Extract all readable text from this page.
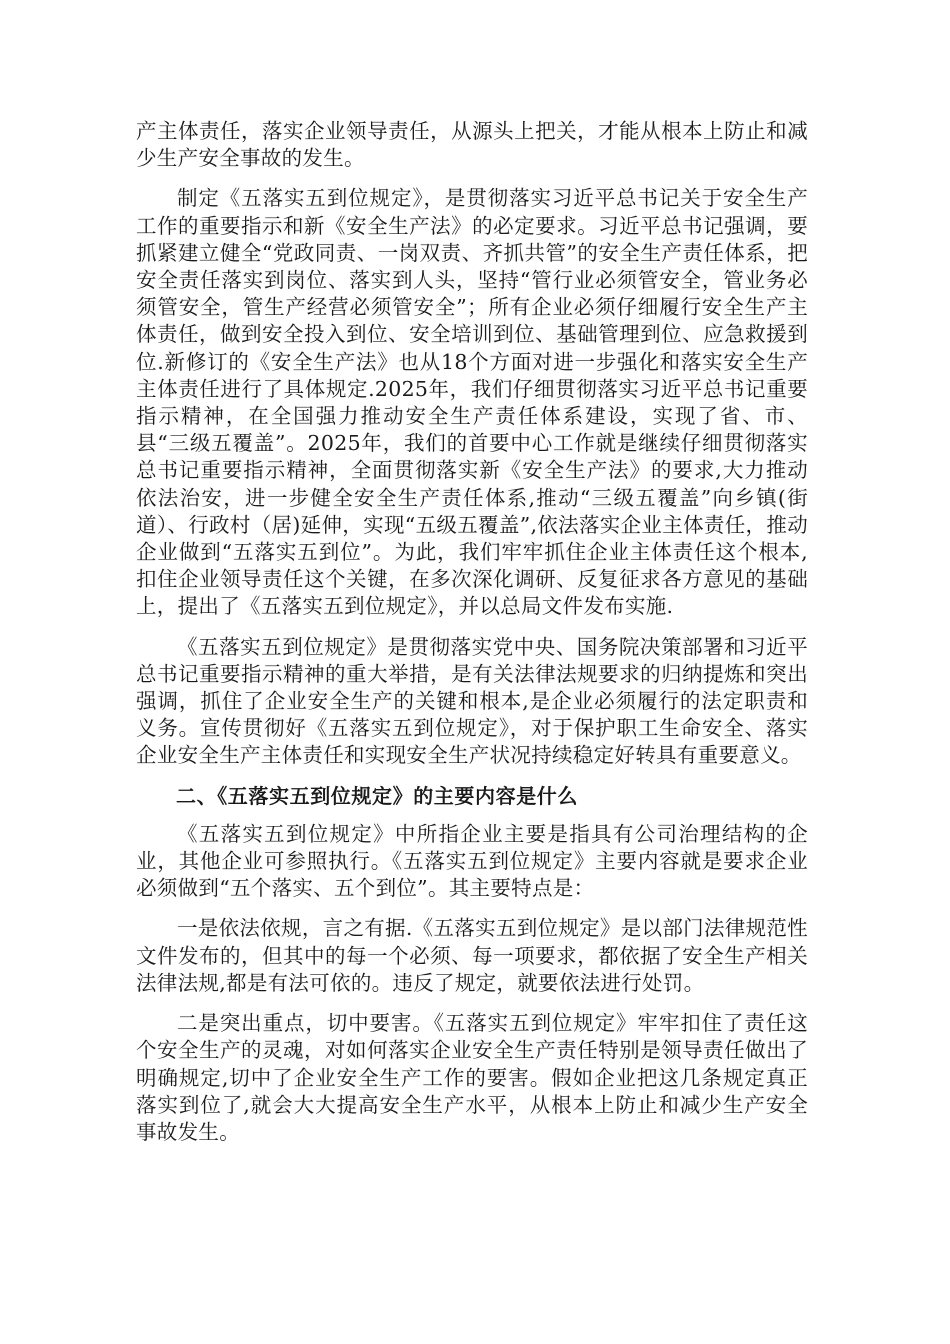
产主体责任，落实企业领导责任，从源头上把关，才能从根本上防止和减少生产安全事故的发生。

制定《五落实五到位规定》，是贯彻落实习近平总书记关于安全生产工作的重要指示和新《安全生产法》的必定要求。习近平总书记强调，要抓紧建立健全“党政同责、一岗双责、齐抓共管”的安全生产责任体系，把安全责任落实到岗位、落实到人头，坚持“管行业必须管安全，管业务必须管安全，管生产经营必须管安全”；所有企业必须仔细履行安全生产主体责任，做到安全投入到位、安全培训到位、基础管理到位、应急救援到位.新修订的《安全生产法》也从18个方面对进一步强化和落实安全生产主体责任进行了具体规定.2025年，我们仔细贯彻落实习近平总书记重要指示精神，在全国强力推动安全生产责任体系建设，实现了省、市、县“三级五覆盖”。2025年，我们的首要中心工作就是继续仔细贯彻落实总书记重要指示精神，全面贯彻落实新《安全生产法》的要求,大力推动依法治安，进一步健全安全生产责任体系,推动“三级五覆盖”向乡镇(街道）、行政村（居)延伸，实现“五级五覆盖”,依法落实企业主体责任，推动企业做到“五落实五到位”。为此，我们牢牢抓住企业主体责任这个根本,扣住企业领导责任这个关键，在多次深化调研、反复征求各方意见的基础上，提出了《五落实五到位规定》，并以总局文件发布实施.

《五落实五到位规定》是贯彻落实党中央、国务院决策部署和习近平总书记重要指示精神的重大举措，是有关法律法规要求的归纳提炼和突出强调，抓住了企业安全生产的关键和根本,是企业必须履行的法定职责和义务。宣传贯彻好《五落实五到位规定》，对于保护职工生命安全、落实企业安全生产主体责任和实现安全生产状况持续稳定好转具有重要意义。

二、《五落实五到位规定》的主要内容是什么

《五落实五到位规定》中所指企业主要是指具有公司治理结构的企业，其他企业可参照执行。《五落实五到位规定》主要内容就是要求企业必须做到“五个落实、五个到位”。其主要特点是：

一是依法依规，言之有据.《五落实五到位规定》是以部门法律规范性文件发布的，但其中的每一个必须、每一项要求，都依据了安全生产相关法律法规,都是有法可依的。违反了规定，就要依法进行处罚。

二是突出重点，切中要害。《五落实五到位规定》牢牢扣住了责任这个安全生产的灵魂，对如何落实企业安全生产责任特别是领导责任做出了明确规定,切中了企业安全生产工作的要害。假如企业把这几条规定真正落实到位了,就会大大提高安全生产水平，从根本上防止和减少生产安全事故发生。
